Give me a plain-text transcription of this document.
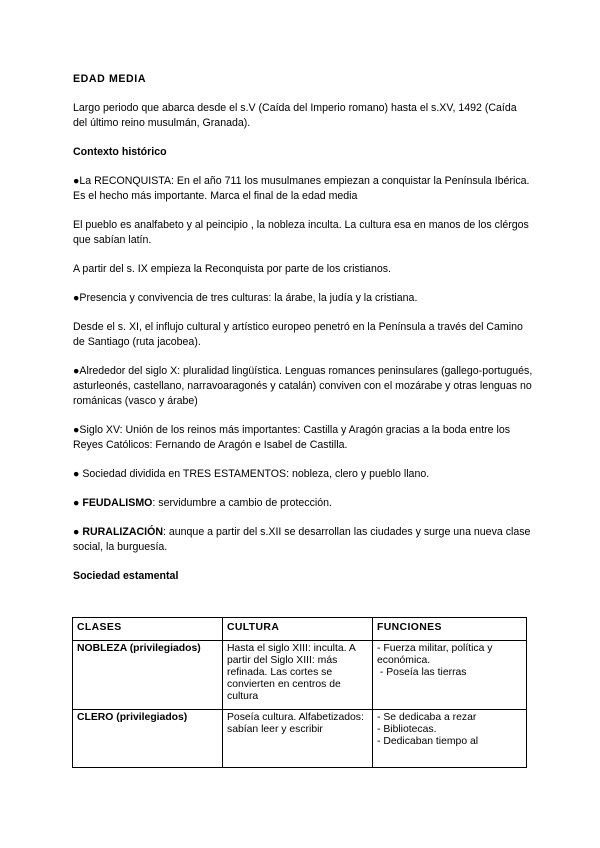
EDAD MEDIA

Largo periodo que abarca desde el s.V (Caída del Imperio romano) hasta el s.XV, 1492 (Caída del último reino musulmán, Granada).

Contexto histórico

●La RECONQUISTA: En el año 711 los musulmanes empiezan a conquistar la Península Ibérica. Es el hecho más importante. Marca el final de la edad media

El pueblo es analfabeto y al peincipio , la nobleza inculta. La cultura esa en manos de los clérgos que sabían latín.

A partir del s. IX empieza la Reconquista por parte de los cristianos.

●Presencia y convivencia de tres culturas: la árabe, la judía y la cristiana.

Desde el s. XI, el influjo cultural y artístico europeo penetró en la Península a través del Camino de Santiago (ruta jacobea).

●Alrededor del siglo X: pluralidad lingüística. Lenguas romances peninsulares (gallego-portugués, asturleonés, castellano, narravoaragonés y catalán) conviven con el mozárabe y otras lenguas no románicas (vasco y árabe)

●Siglo XV: Unión de los reinos más importantes: Castilla y Aragón gracias a la boda entre los Reyes Católicos: Fernando de Aragón e Isabel de Castilla.

● Sociedad dividida en TRES ESTAMENTOS: nobleza, clero y pueblo llano.

● FEUDALISMO: servidumbre a cambio de protección.

● RURALIZACIÓN: aunque a partir del s.XII se desarrollan las ciudades y surge una nueva clase social, la burguesía.

Sociedad estamental

CLASES	CULTURA	FUNCIONES
NOBLEZA (privilegiados)	Hasta el siglo XIII: inculta. A partir del Siglo XIII: más refinada. Las cortes se convierten en centros de cultura	- Fuerza militar, política y económica.
- Poseía las tierras

CLERO (privilegiados)	Poseía cultura. Alfabetizados: sabían leer y escribir	- Se dedicaba a rezar
- Bibliotecas.
- Dedicaban tiempo al
